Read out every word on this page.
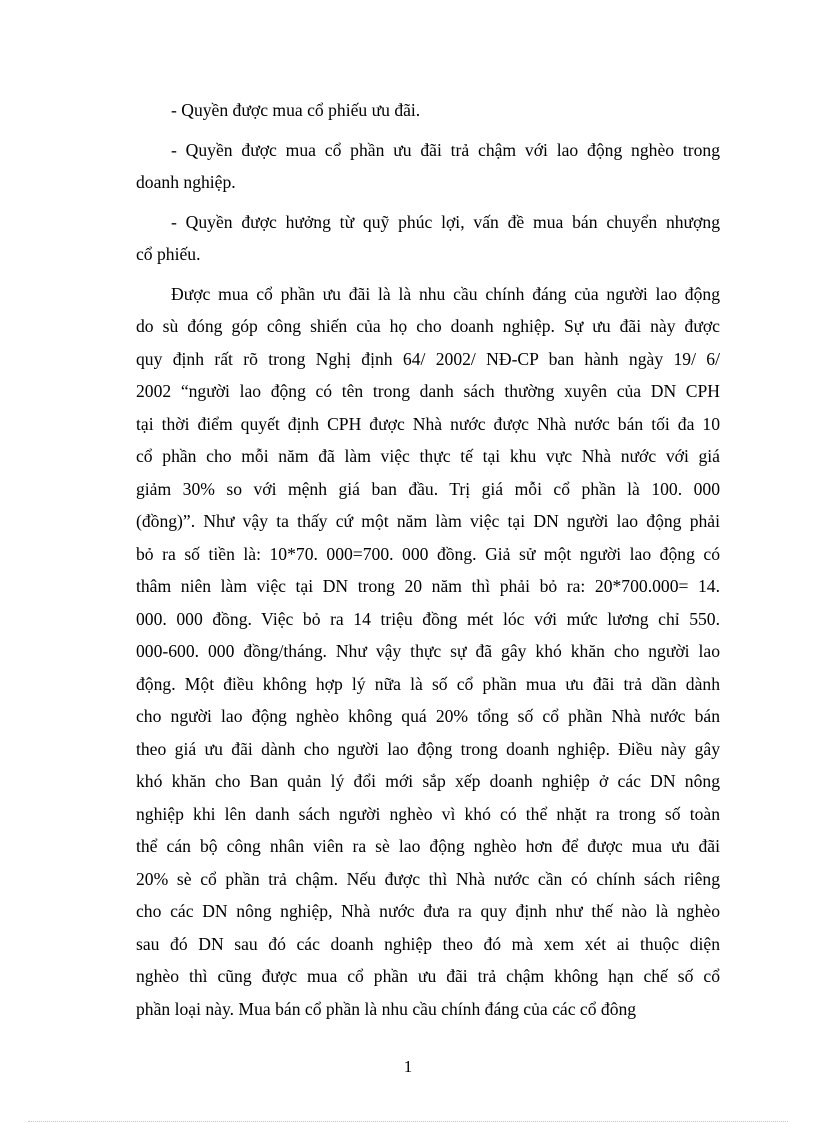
- Quyền được mua cổ phiếu ưu đãi.
- Quyền được mua cổ phần ưu đãi trả chậm với lao động nghèo trong
doanh nghiệp.
- Quyền được hưởng từ quỹ phúc lợi, vấn đề mua bán chuyển nhượng
cổ phiếu.
Được mua cổ phần ưu đãi là là nhu cầu chính đáng của người lao động
do sù đóng góp công shiến của họ cho doanh nghiệp. Sự ưu đãi này được
quy định rất rõ trong Nghị định 64/ 2002/ NĐ-CP ban hành ngày 19/ 6/
2002 “người lao động có tên trong danh sách thường xuyên của DN CPH
tại thời điểm quyết định CPH được Nhà nước được Nhà nước bán tối đa 10
cổ phần cho mỗi năm đã làm việc thực tế tại khu vực Nhà nước với giá
giảm 30% so với mệnh giá ban đầu. Trị giá mỗi cổ phần là 100. 000
(đồng)”. Như vậy ta thấy cứ một năm làm việc tại DN người lao động phải
bỏ ra số tiền là: 10*70. 000=700. 000 đồng. Giả sử một người lao động có
thâm niên làm việc tại DN trong 20 năm thì phải bỏ ra: 20*700.000= 14.
000. 000 đồng. Việc bỏ ra 14 triệu đồng mét lóc với mức lương chỉ 550.
000-600. 000 đồng/tháng. Như vậy thực sự đã gây khó khăn cho người lao
động. Một điều không hợp lý nữa là số cổ phần mua ưu đãi trả dần dành
cho người lao động nghèo không quá 20% tổng số cổ phần Nhà nước bán
theo giá ưu đãi dành cho người lao động trong doanh nghiệp. Điều này gây
khó khăn cho Ban quản lý đổi mới sắp xếp doanh nghiệp ở các DN nông
nghiệp khi lên danh sách người nghèo vì khó có thể nhặt ra trong số toàn
thể cán bộ công nhân viên ra sè lao động nghèo hơn để được mua ưu đãi
20% sè cổ phần trả chậm. Nếu được thì Nhà nước cần có chính sách riêng
cho các DN nông nghiệp, Nhà nước đưa ra quy định như thế nào là nghèo
sau đó DN sau đó các doanh nghiệp theo đó mà xem xét ai thuộc diện
nghèo thì cũng được mua cổ phần ưu đãi trả chậm không hạn chế số cổ
phần loại này. Mua bán cổ phần là nhu cầu chính đáng của các cổ đông
1
